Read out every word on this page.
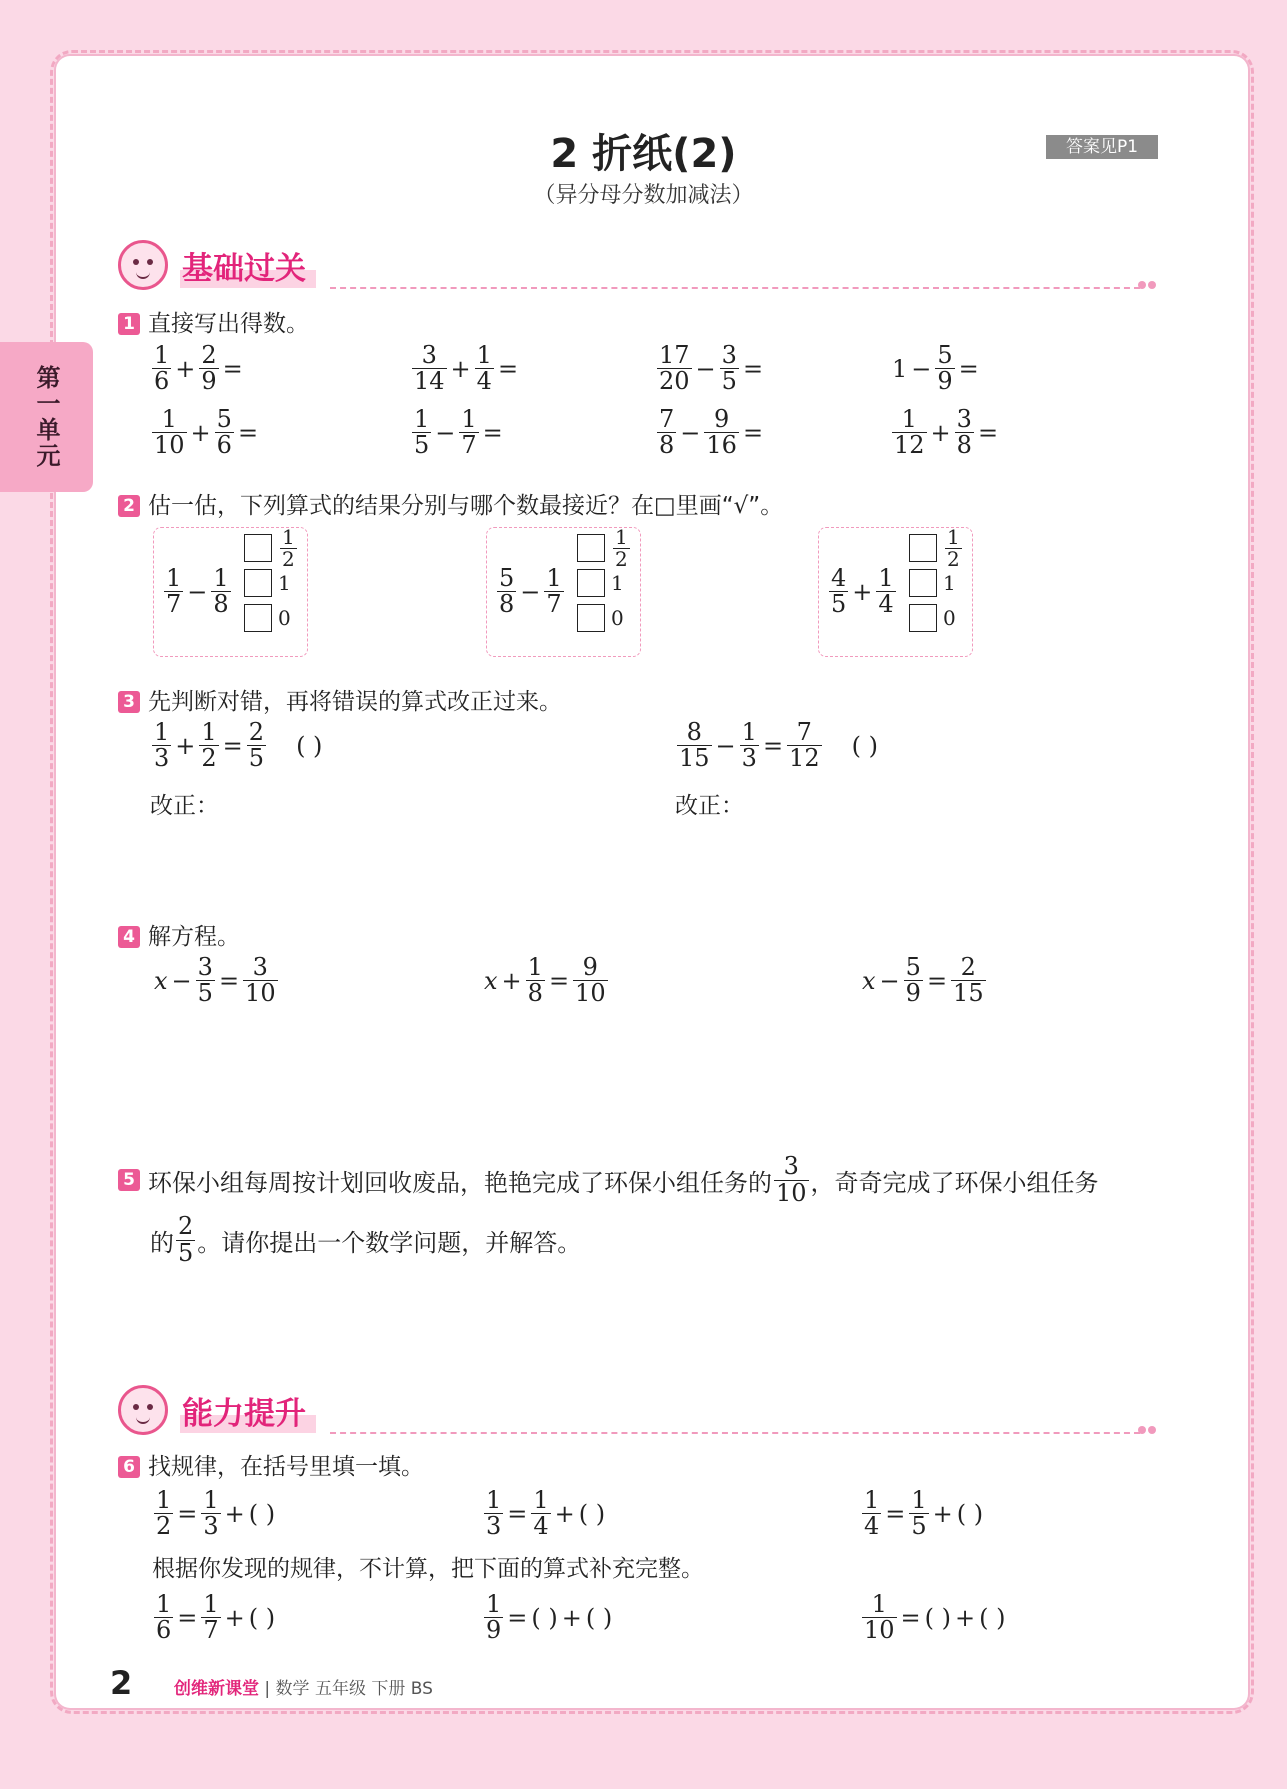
第一单元
2 折纸(2)
（异分母分数加减法）
答案见P1
基础过关
1 直接写出得数。
2 估一估，下列算式的结果分别与哪个数最接近？在□里画“√”。
3 先判断对错，再将错误的算式改正过来。
4 解方程。
5 环保小组每周按计划回收废品，艳艳完成了环保小组任务的 $\frac{3}{10}$ ，奇奇完成了环保小组任务
的 $\frac{2}{5}$ 。请你提出一个数学问题，并解答。
能力提升
6 找规律，在括号里填一填。
2 创维新课堂 | 数学 五年级 下册 BS
$\frac{1}{6} + \frac{2}{9}$ =	$\frac{3}{14} + \frac{1}{4}$ =	$\frac{17}{20} - \frac{3}{5}$ =	$1 - \frac{5}{9}$ =
$\frac{1}{10} + \frac{5}{6}$ =	$\frac{1}{5} - \frac{1}{7}$ =	$\frac{7}{8} - \frac{9}{16}$ =	$\frac{1}{12} + \frac{3}{8}$ =
$\frac{1}{7} - \frac{1}{8}$
$\frac{1}{2}$
1
0
$\frac{5}{8} - \frac{1}{7}$
$\frac{1}{2}$
1
0
$\frac{4}{5} + \frac{1}{4}$
$\frac{1}{2}$
1
0
$\frac{1}{3} + \frac{1}{2} = \frac{2}{5}$ ( )
改正：
$\frac{8}{15} - \frac{1}{3} = \frac{7}{12}$ ( )
改正：
$x - \frac{3}{5} = \frac{3}{10}$	$x + \frac{1}{8} = \frac{9}{10}$	$x - \frac{5}{9} = \frac{2}{15}$
$\frac{1}{2} = \frac{1}{3}$ + ( )	$\frac{1}{3} = \frac{1}{4}$ + ( )	$\frac{1}{4} = \frac{1}{5}$ + ( )
根据你发现的规律，不计算，把下面的算式补充完整。
$\frac{1}{6} = \frac{1}{7}$ + ( )	$\frac{1}{9}$ = ( ) + ( )	$\frac{1}{10}$ = ( ) + ( )
